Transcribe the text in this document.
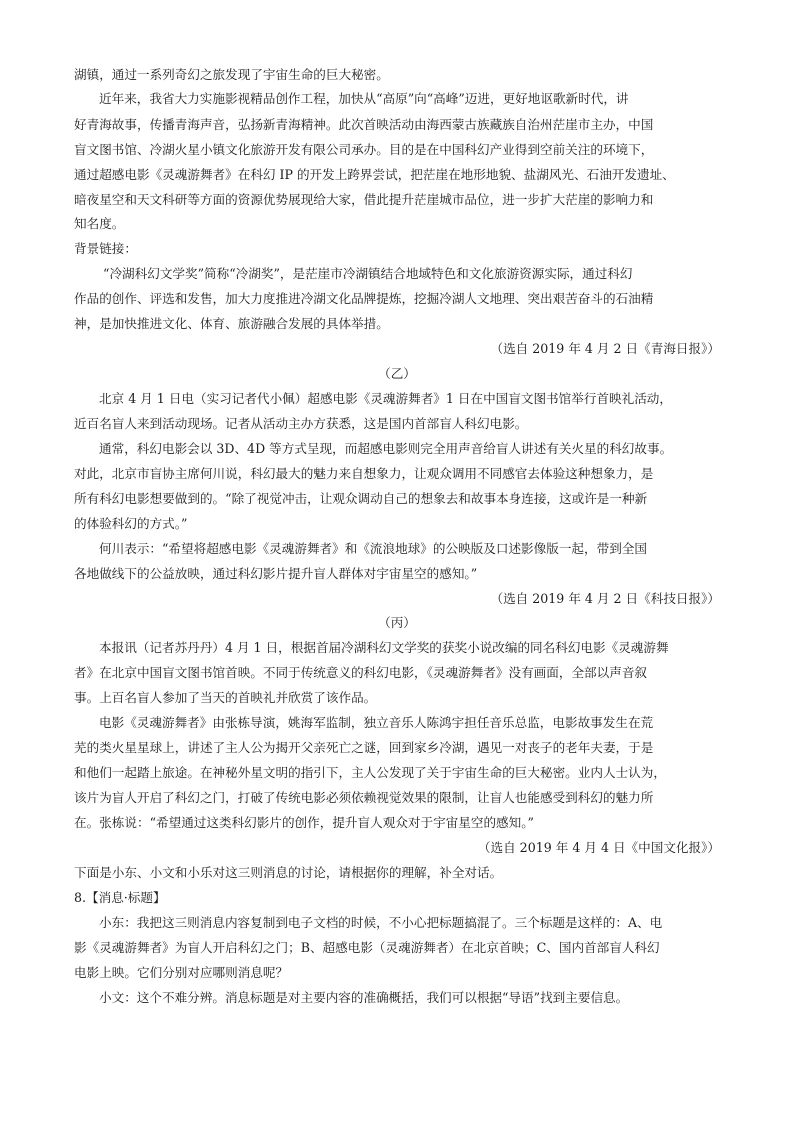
湖镇，通过一系列奇幻之旅发现了宇宙生命的巨大秘密。

近年来，我省大力实施影视精品创作工程，加快从“高原”向“高峰”迈进，更好地讴歌新时代，讲

好青海故事，传播青海声音，弘扬新青海精神。此次首映活动由海西蒙古族藏族自治州茫崖市主办，中国

盲文图书馆、冷湖火星小镇文化旅游开发有限公司承办。目的是在中国科幻产业得到空前关注的环境下，

通过超感电影《灵魂游舞者》在科幻 IP 的开发上跨界尝试，把茫崖在地形地貌、盐湖风光、石油开发遗址、

暗夜星空和天文科研等方面的资源优势展现给大家，借此提升茫崖城市品位，进一步扩大茫崖的影响力和

知名度。

背景链接：

“冷湖科幻文学奖”简称“冷湖奖”，是茫崖市冷湖镇结合地域特色和文化旅游资源实际，通过科幻

作品的创作、评选和发售，加大力度推进冷湖文化品牌提炼，挖掘冷湖人文地理、突出艰苦奋斗的石油精

神，是加快推进文化、体育、旅游融合发展的具体举措。

（选自 2019 年 4 月 2 日《青海日报》）

（乙）

北京 4 月 1 日电（实习记者代小佩）超感电影《灵魂游舞者》1 日在中国盲文图书馆举行首映礼活动，

近百名盲人来到活动现场。记者从活动主办方获悉，这是国内首部盲人科幻电影。

通常，科幻电影会以 3D、4D 等方式呈现，而超感电影则完全用声音给盲人讲述有关火星的科幻故事。

对此，北京市盲协主席何川说，科幻最大的魅力来自想象力，让观众调用不同感官去体验这种想象力，是

所有科幻电影想要做到的。“除了视觉冲击，让观众调动自己的想象去和故事本身连接，这或许是一种新

的体验科幻的方式。”

何川表示：“希望将超感电影《灵魂游舞者》和《流浪地球》的公映版及口述影像版一起，带到全国

各地做线下的公益放映，通过科幻影片提升盲人群体对宇宙星空的感知。”

（选自 2019 年 4 月 2 日《科技日报》）

（丙）

本报讯（记者苏丹丹）4 月 1 日，根据首届冷湖科幻文学奖的获奖小说改编的同名科幻电影《灵魂游舞

者》在北京中国盲文图书馆首映。不同于传统意义的科幻电影，《灵魂游舞者》没有画面，全部以声音叙

事。上百名盲人参加了当天的首映礼并欣赏了该作品。

电影《灵魂游舞者》由张栋导演，姚海军监制，独立音乐人陈鸿宇担任音乐总监，电影故事发生在荒

芜的类火星星球上，讲述了主人公为揭开父亲死亡之谜，回到家乡冷湖，遇见一对丧子的老年夫妻，于是

和他们一起踏上旅途。在神秘外星文明的指引下，主人公发现了关于宇宙生命的巨大秘密。业内人士认为，

该片为盲人开启了科幻之门，打破了传统电影必须依赖视觉效果的限制，让盲人也能感受到科幻的魅力所

在。张栋说：“希望通过这类科幻影片的创作，提升盲人观众对于宇宙星空的感知。”

（选自 2019 年 4 月 4 日《中国文化报》）

下面是小东、小文和小乐对这三则消息的讨论，请根据你的理解，补全对话。

8.【消息·标题】

小东：我把这三则消息内容复制到电子文档的时候，不小心把标题搞混了。三个标题是这样的：A、电

影《灵魂游舞者》为盲人开启科幻之门；B、超感电影（灵魂游舞者）在北京首映；C、国内首部盲人科幻

电影上映。它们分别对应哪则消息呢？

小文：这个不难分辨。消息标题是对主要内容的准确概括，我们可以根据“导语”找到主要信息。
